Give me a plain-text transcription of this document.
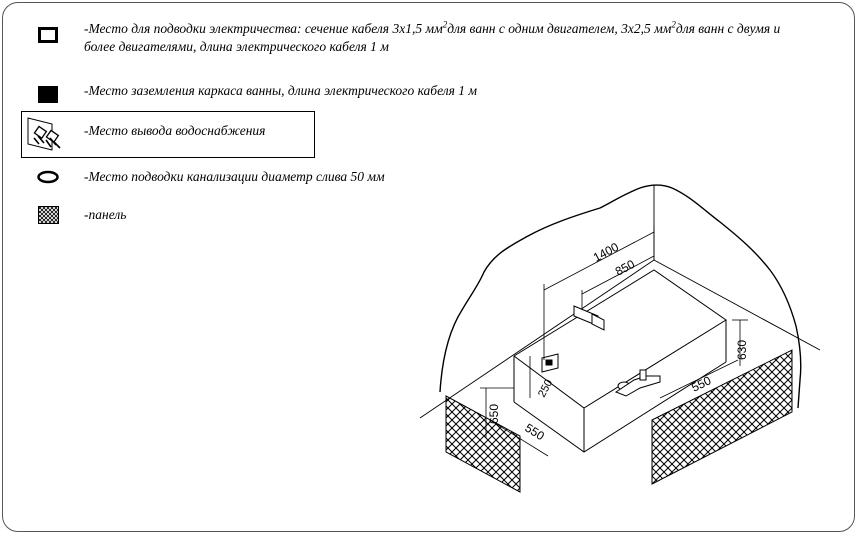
-Место для подводки электричества: сечение кабеля 3х1,5 $мм^2для$ ванн с одним двигателем, 3х2,5 $мм^2для$ ванн с двумя и
более двигателями, длина электрического кабеля 1 м
-Место заземления каркаса ванны, длина электрического кабеля 1 м
-Место вывода водоснабжения
-Место подводки канализации диаметр слива 50 мм
-панель
1400
850
630
250
650
550
550
